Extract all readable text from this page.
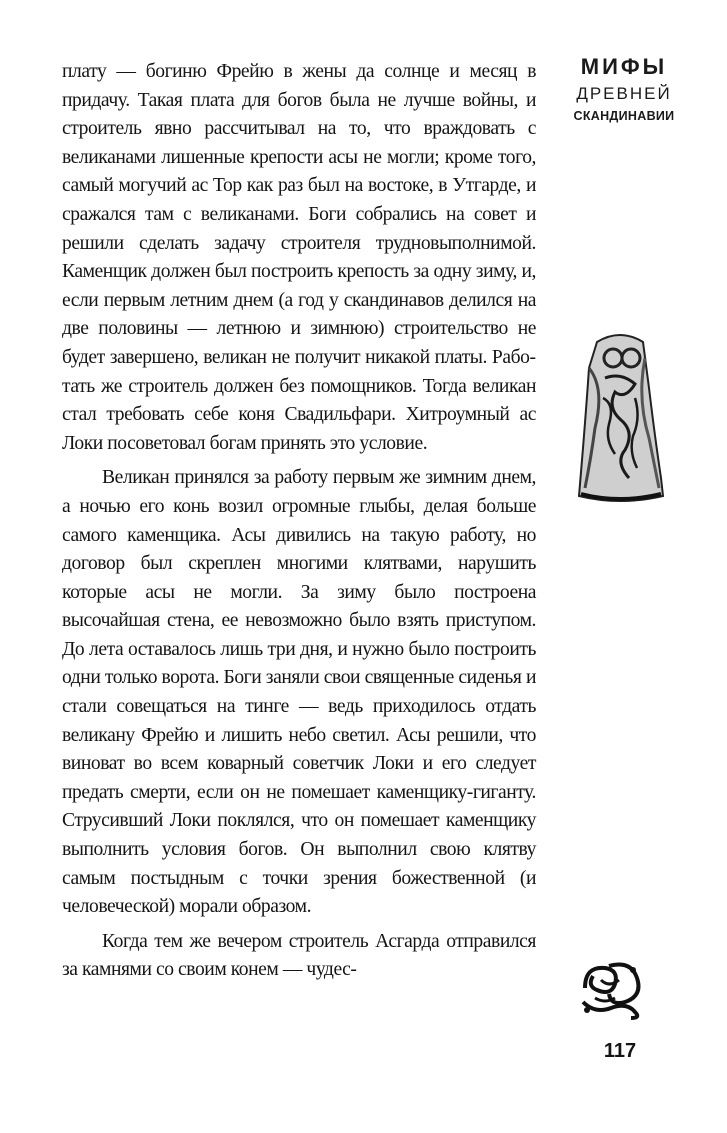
плату — богиню Фрейю в жены да солнце и месяц в придачу. Такая плата для богов была не лучше войны, и строитель явно рассчитывал на то, что враждовать с великанами лишенные крепости асы не могли; кроме того, самый могучий ас Тор как раз был на востоке, в Утгарде, и сражался там с великанами. Боги собрались на совет и решили сделать задачу строителя трудновыполнимой. Каменщик должен был построить крепость за одну зиму, и, если первым летним днем (а год у скандинавов делился на две половины — летнюю и зимнюю) строительство не будет завершено, великан не получит никакой платы. Работать же строитель должен без помощников. Тогда великан стал требовать себе коня Свадильфари. Хитроумный ас Локи посоветовал богам принять это условие.

Великан принялся за работу первым же зимним днем, а ночью его конь возил огромные глыбы, делая больше самого каменщика. Асы дивились на такую работу, но договор был скреплен многими клятвами, нарушить которые асы не могли. За зиму было построена высочайшая стена, ее невозможно было взять приступом. До лета оставалось лишь три дня, и нужно было построить одни только ворота. Боги заняли свои священные сиденья и стали совещаться на тинге — ведь приходилось отдать великану Фрейю и лишить небо светил. Асы решили, что виноват во всем коварный советчик Локи и его следует предать смерти, если он не помешает каменщику-гиганту. Струсивший Локи поклялся, что он помешает каменщику выполнить условия богов. Он выполнил свою клятву самым постыдным с точки зрения божественной (и человеческой) морали образом.

Когда тем же вечером строитель Асгарда отправился за камнями со своим конем — чудес-

МИФЫ
ДРЕВНЕЙ
СКАНДИНАВИИ
117
